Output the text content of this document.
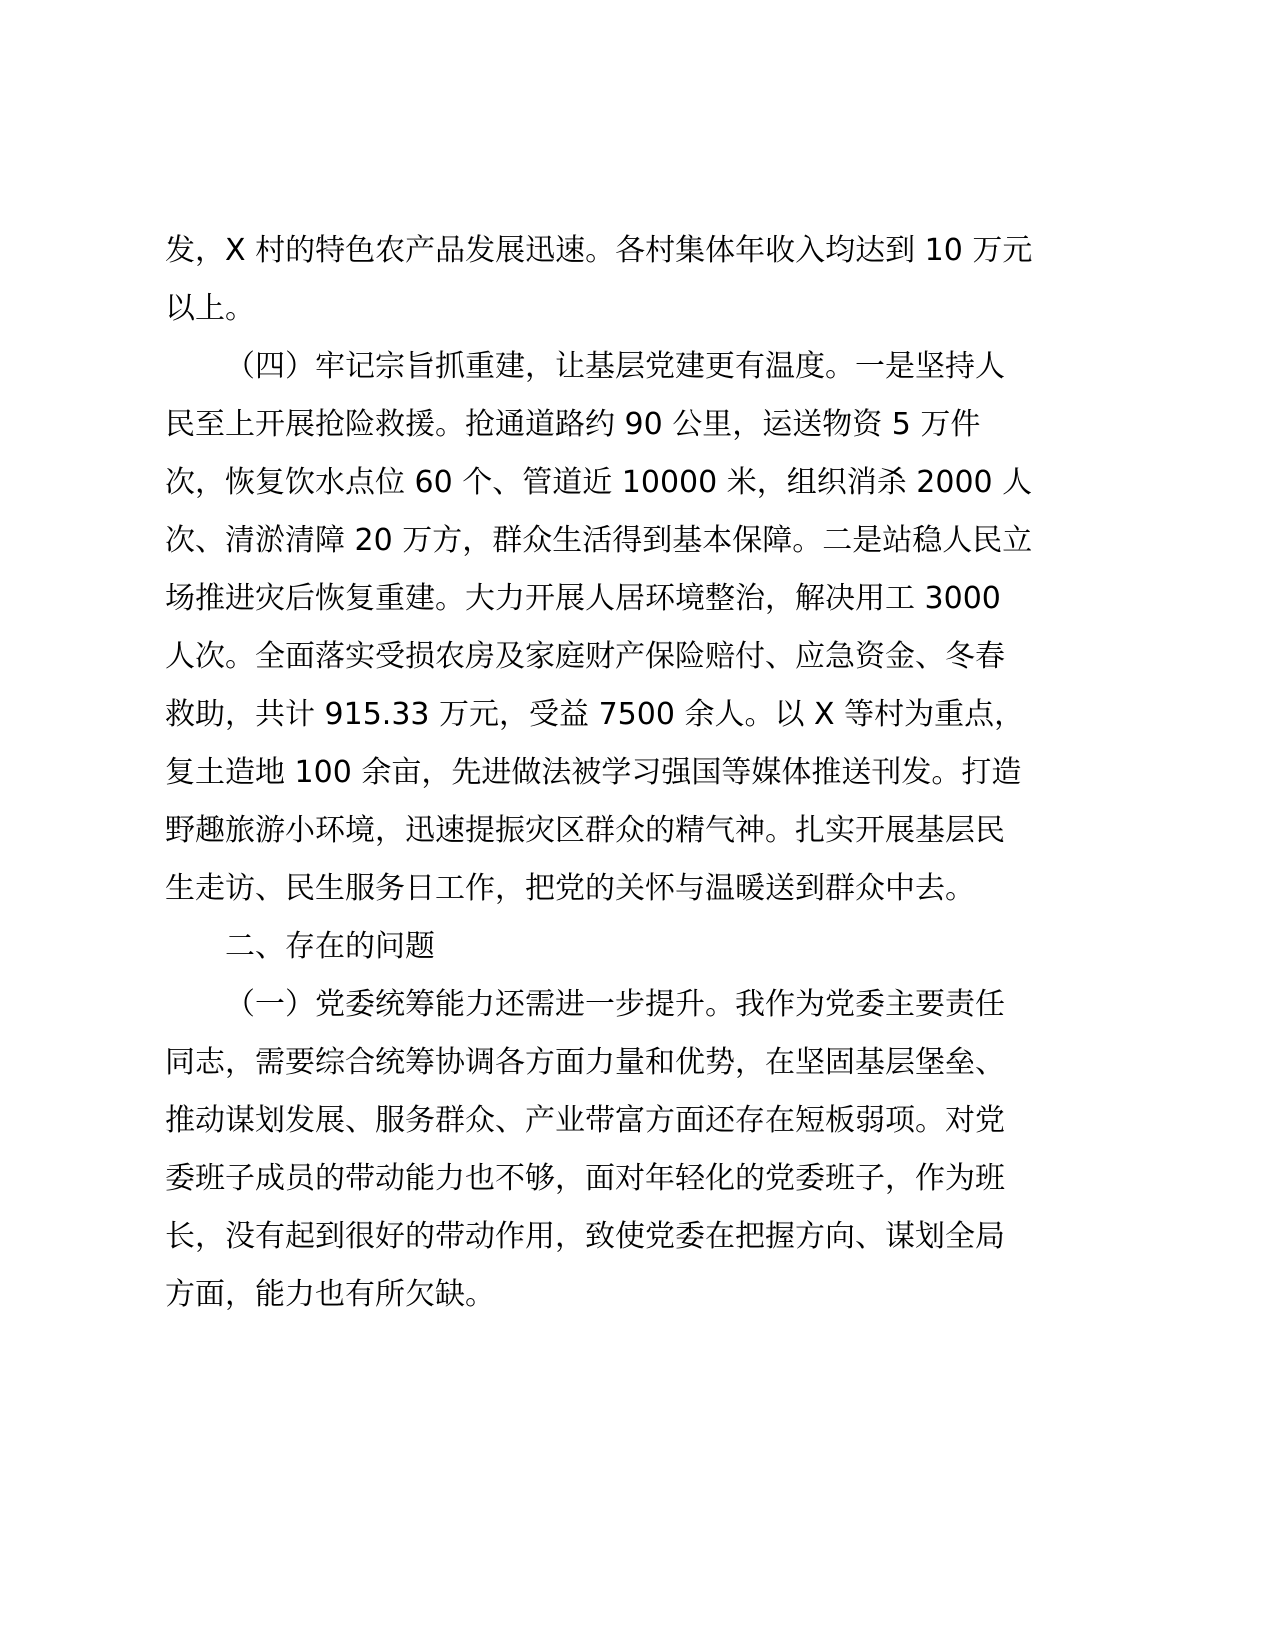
发，X 村的特色农产品发展迅速。各村集体年收入均达到 10 万元
以上。
（四）牢记宗旨抓重建，让基层党建更有温度。一是坚持人
民至上开展抢险救援。抢通道路约 90 公里，运送物资 5 万件
次，恢复饮水点位 60 个、管道近 10000 米，组织消杀 2000 人
次、清淤清障 20 万方，群众生活得到基本保障。二是站稳人民立
场推进灾后恢复重建。大力开展人居环境整治，解决用工 3000
人次。全面落实受损农房及家庭财产保险赔付、应急资金、冬春
救助，共计 915.33 万元，受益 7500 余人。以 X 等村为重点，
复土造地 100 余亩，先进做法被学习强国等媒体推送刊发。打造
野趣旅游小环境，迅速提振灾区群众的精气神。扎实开展基层民
生走访、民生服务日工作，把党的关怀与温暖送到群众中去。
二、存在的问题
（一）党委统筹能力还需进一步提升。我作为党委主要责任
同志，需要综合统筹协调各方面力量和优势，在坚固基层堡垒、
推动谋划发展、服务群众、产业带富方面还存在短板弱项。对党
委班子成员的带动能力也不够，面对年轻化的党委班子，作为班
长，没有起到很好的带动作用，致使党委在把握方向、谋划全局
方面，能力也有所欠缺。
